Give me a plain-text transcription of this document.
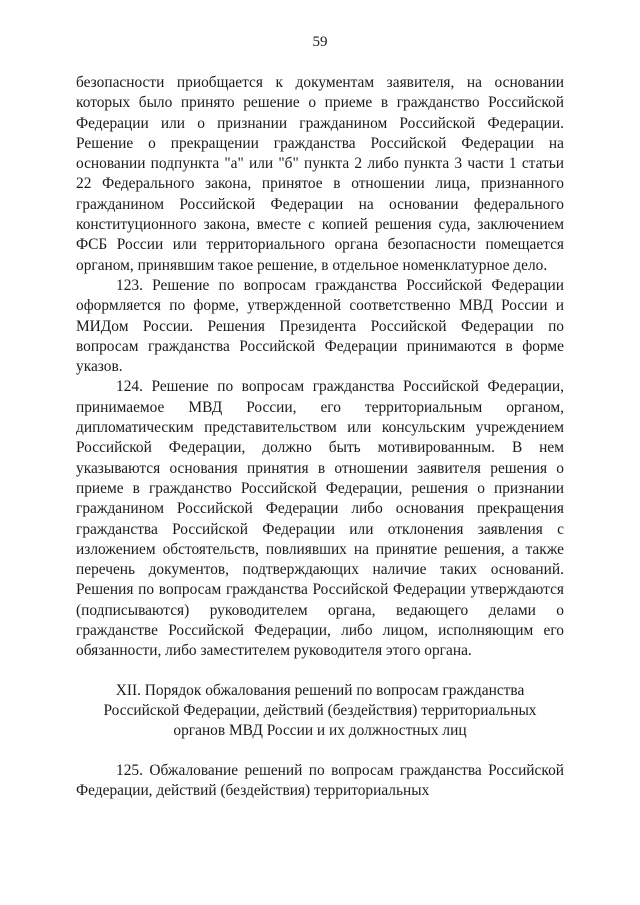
59

безопасности приобщается к документам заявителя, на основании которых было принято решение о приеме в гражданство Российской Федерации или о признании гражданином Российской Федерации. Решение о прекращении гражданства Российской Федерации на основании подпункта "а" или "б" пункта 2 либо пункта 3 части 1 статьи 22 Федерального закона, принятое в отношении лица, признанного гражданином Российской Федерации на основании федерального конституционного закона, вместе с копией решения суда, заключением ФСБ России или территориального органа безопасности помещается органом, принявшим такое решение, в отдельное номенклатурное дело.

123. Решение по вопросам гражданства Российской Федерации оформляется по форме, утвержденной соответственно МВД России и МИДом России. Решения Президента Российской Федерации по вопросам гражданства Российской Федерации принимаются в форме указов.

124. Решение по вопросам гражданства Российской Федерации, принимаемое МВД России, его территориальным органом, дипломатическим представительством или консульским учреждением Российской Федерации, должно быть мотивированным. В нем указываются основания принятия в отношении заявителя решения о приеме в гражданство Российской Федерации, решения о признании гражданином Российской Федерации либо основания прекращения гражданства Российской Федерации или отклонения заявления с изложением обстоятельств, повлиявших на принятие решения, а также перечень документов, подтверждающих наличие таких оснований. Решения по вопросам гражданства Российской Федерации утверждаются (подписываются) руководителем органа, ведающего делами о гражданстве Российской Федерации, либо лицом, исполняющим его обязанности, либо заместителем руководителя этого органа.

XII. Порядок обжалования решений по вопросам гражданства
Российской Федерации, действий (бездействия) территориальных
органов МВД России и их должностных лиц

125. Обжалование решений по вопросам гражданства Российской Федерации, действий (бездействия) территориальных
